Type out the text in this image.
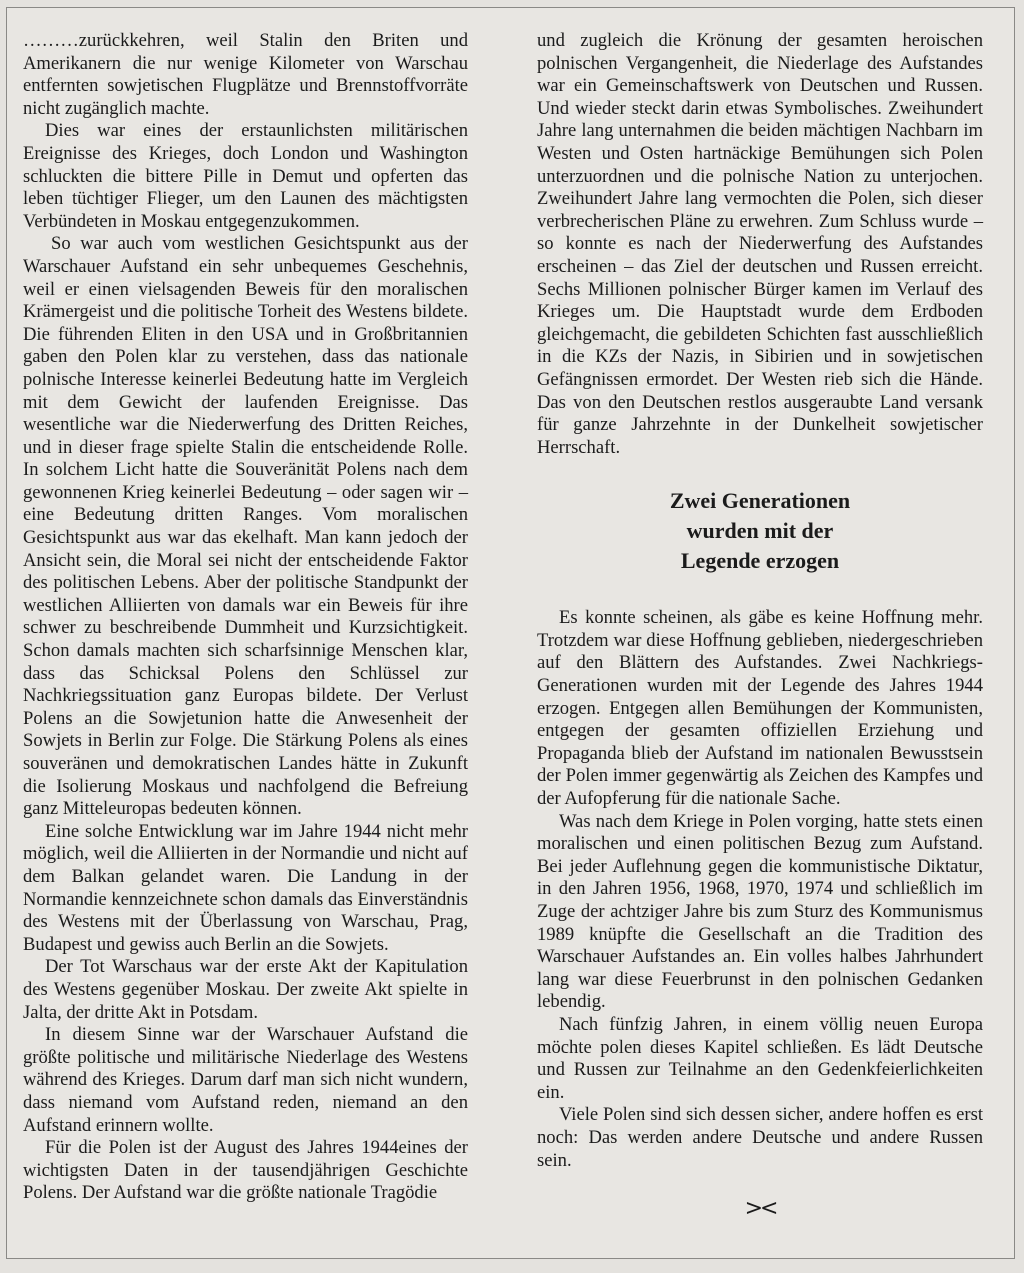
………zurückkehren, weil Stalin den Briten und Amerikanern die nur wenige Kilometer von Warschau entfernten sowjetischen Flugplätze und Brennstoffvorräte nicht zugänglich machte.

Dies war eines der erstaunlichsten militärischen Ereignisse des Krieges, doch London und Washington schluckten die bittere Pille in Demut und opferten das leben tüchtiger Flieger, um den Launen des mächtigsten Verbündeten in Moskau entgegenzukommen.

So war auch vom westlichen Gesichtspunkt aus der Warschauer Aufstand ein sehr unbequemes Geschehnis, weil er einen vielsagenden Beweis für den moralischen Krämergeist und die politische Torheit des Westens bildete. Die führenden Eliten in den USA und in Großbritannien gaben den Polen klar zu verstehen, dass das nationale polnische Interesse keinerlei Bedeutung hatte im Vergleich mit dem Gewicht der laufenden Ereignisse. Das wesentliche war die Niederwerfung des Dritten Reiches, und in dieser frage spielte Stalin die entscheidende Rolle. In solchem Licht hatte die Souveränität Polens nach dem gewonnenen Krieg keinerlei Bedeutung – oder sagen wir – eine Bedeutung dritten Ranges. Vom moralischen Gesichtspunkt aus war das ekelhaft. Man kann jedoch der Ansicht sein, die Moral sei nicht der entscheidende Faktor des politischen Lebens. Aber der politische Standpunkt der westlichen Alliierten von damals war ein Beweis für ihre schwer zu beschreibende Dummheit und Kurzsichtigkeit. Schon damals machten sich scharfsinnige Menschen klar, dass das Schicksal Polens den Schlüssel zur Nachkriegssituation ganz Europas bildete. Der Verlust Polens an die Sowjetunion hatte die Anwesenheit der Sowjets in Berlin zur Folge. Die Stärkung Polens als eines souveränen und demokratischen Landes hätte in Zukunft die Isolierung Moskaus und nachfolgend die Befreiung ganz Mitteleuropas bedeuten können.

Eine solche Entwicklung war im Jahre 1944 nicht mehr möglich, weil die Alliierten in der Normandie und nicht auf dem Balkan gelandet waren. Die Landung in der Normandie kennzeichnete schon damals das Einverständnis des Westens mit der Überlassung von Warschau, Prag, Budapest und gewiss auch Berlin an die Sowjets.

Der Tot Warschaus war der erste Akt der Kapitulation des Westens gegenüber Moskau. Der zweite Akt spielte in Jalta, der dritte Akt in Potsdam.

In diesem Sinne war der Warschauer Aufstand die größte politische und militärische Niederlage des Westens während des Krieges. Darum darf man sich nicht wundern, dass niemand vom Aufstand reden, niemand an den Aufstand erinnern wollte.

Für die Polen ist der August des Jahres 1944eines der wichtigsten Daten in der tausendjährigen Geschichte Polens. Der Aufstand war die größte nationale Tragödie

und zugleich die Krönung der gesamten heroischen polnischen Vergangenheit, die Niederlage des Aufstandes war ein Gemeinschaftswerk von Deutschen und Russen. Und wieder steckt darin etwas Symbolisches. Zweihundert Jahre lang unternahmen die beiden mächtigen Nachbarn im Westen und Osten hartnäckige Bemühungen sich Polen unterzuordnen und die polnische Nation zu unterjochen. Zweihundert Jahre lang vermochten die Polen, sich dieser verbrecherischen Pläne zu erwehren. Zum Schluss wurde – so konnte es nach der Niederwerfung des Aufstandes erscheinen – das Ziel der deutschen und Russen erreicht. Sechs Millionen polnischer Bürger kamen im Verlauf des Krieges um. Die Hauptstadt wurde dem Erdboden gleichgemacht, die gebildeten Schichten fast ausschließlich in die KZs der Nazis, in Sibirien und in sowjetischen Gefängnissen ermordet. Der Westen rieb sich die Hände. Das von den Deutschen restlos ausgeraubte Land versank für ganze Jahrzehnte in der Dunkelheit sowjetischer Herrschaft.

Zwei Generationen
wurden mit der
Legende erzogen

Es konnte scheinen, als gäbe es keine Hoffnung mehr. Trotzdem war diese Hoffnung geblieben, niedergeschrieben auf den Blättern des Aufstandes. Zwei Nachkriegs-Generationen wurden mit der Legende des Jahres 1944 erzogen. Entgegen allen Bemühungen der Kommunisten, entgegen der gesamten offiziellen Erziehung und Propaganda blieb der Aufstand im nationalen Bewusstsein der Polen immer gegenwärtig als Zeichen des Kampfes und der Aufopferung für die nationale Sache.

Was nach dem Kriege in Polen vorging, hatte stets einen moralischen und einen politischen Bezug zum Aufstand. Bei jeder Auflehnung gegen die kommunistische Diktatur, in den Jahren 1956, 1968, 1970, 1974 und schließlich im Zuge der achtziger Jahre bis zum Sturz des Kommunismus 1989 knüpfte die Gesellschaft an die Tradition des Warschauer Aufstandes an. Ein volles halbes Jahrhundert lang war diese Feuerbrunst in den polnischen Gedanken lebendig.

Nach fünfzig Jahren, in einem völlig neuen Europa möchte polen dieses Kapitel schließen. Es lädt Deutsche und Russen zur Teilnahme an den Gedenkfeierlichkeiten ein.

Viele Polen sind sich dessen sicher, andere hoffen es erst noch: Das werden andere Deutsche und andere Russen sein.

><
